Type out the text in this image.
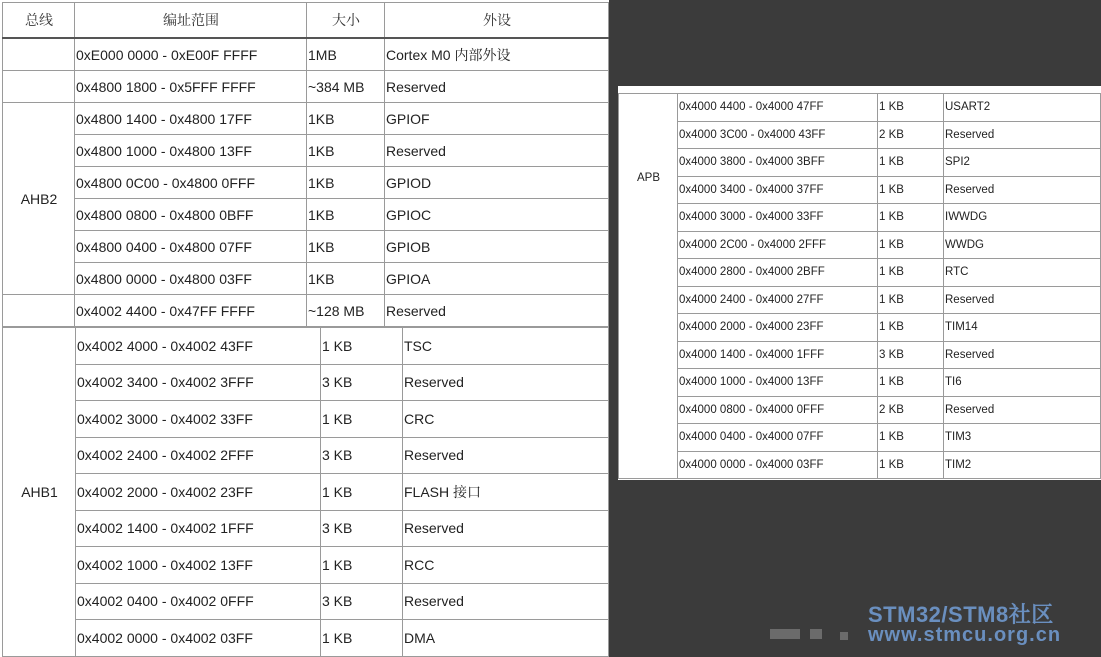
总线	编址范围	大小	外设
	0xE000 0000 - 0xE00F FFFF	1MB	Cortex M0 内部外设
	0x4800 1800 - 0x5FFF FFFF	~384 MB	Reserved
AHB2	0x4800 1400 - 0x4800 17FF	1KB	GPIOF
	0x4800 1000 - 0x4800 13FF	1KB	Reserved
	0x4800 0C00 - 0x4800 0FFF	1KB	GPIOD
	0x4800 0800 - 0x4800 0BFF	1KB	GPIOC
	0x4800 0400 - 0x4800 07FF	1KB	GPIOB
	0x4800 0000 - 0x4800 03FF	1KB	GPIOA
	0x4002 4400 - 0x47FF FFFF	~128 MB	Reserved
AHB1	0x4002 4000 - 0x4002 43FF	1 KB	TSC
	0x4002 3400 - 0x4002 3FFF	3 KB	Reserved
	0x4002 3000 - 0x4002 33FF	1 KB	CRC
	0x4002 2400 - 0x4002 2FFF	3 KB	Reserved
	0x4002 2000 - 0x4002 23FF	1 KB	FLASH 接口
	0x4002 1400 - 0x4002 1FFF	3 KB	Reserved
	0x4002 1000 - 0x4002 13FF	1 KB	RCC
	0x4002 0400 - 0x4002 0FFF	3 KB	Reserved
	0x4002 0000 - 0x4002 03FF	1 KB	DMA
APB	0x4000 4400 - 0x4000 47FF	1 KB	USART2
	0x4000 3C00 - 0x4000 43FF	2 KB	Reserved
	0x4000 3800 - 0x4000 3BFF	1 KB	SPI2
	0x4000 3400 - 0x4000 37FF	1 KB	Reserved
	0x4000 3000 - 0x4000 33FF	1 KB	IWWDG
	0x4000 2C00 - 0x4000 2FFF	1 KB	WWDG
	0x4000 2800 - 0x4000 2BFF	1 KB	RTC
	0x4000 2400 - 0x4000 27FF	1 KB	Reserved
	0x4000 2000 - 0x4000 23FF	1 KB	TIM14
	0x4000 1400 - 0x4000 1FFF	3 KB	Reserved
	0x4000 1000 - 0x4000 13FF	1 KB	TI6
	0x4000 0800 - 0x4000 0FFF	2 KB	Reserved
	0x4000 0400 - 0x4000 07FF	1 KB	TIM3
	0x4000 0000 - 0x4000 03FF	1 KB	TIM2
STM32/STM8社区
www.stmcu.org.cn
